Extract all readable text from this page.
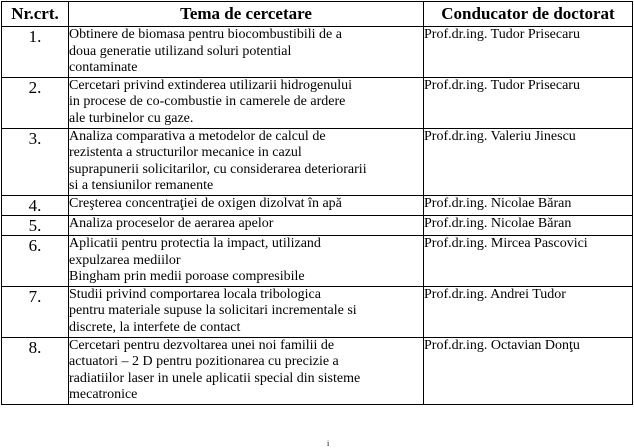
Nr.crt.	Tema de cercetare	Conducator de doctorat
1.	Obtinere de biomasa pentru biocombustibili de a
doua generatie utilizand soluri potential
contaminate	Prof.dr.ing. Tudor Prisecaru
2.	Cercetari privind extinderea utilizarii hidrogenului
in procese de co-combustie in camerele de ardere
ale turbinelor cu gaze.	Prof.dr.ing. Tudor Prisecaru
3.	Analiza comparativa a metodelor de calcul de
rezistenta a structurilor mecanice in cazul
suprapunerii solicitarilor, cu considerarea deteriorarii
si a tensiunilor remanente	Prof.dr.ing. Valeriu Jinescu
4.	Creşterea concentraţiei de oxigen dizolvat în apă	Prof.dr.ing. Nicolae Băran
5.	Analiza proceselor de aerarea apelor	Prof.dr.ing. Nicolae Băran
6.	Aplicatii pentru protectia la impact, utilizand
expulzarea mediilor
Bingham prin medii poroase compresibile	Prof.dr.ing. Mircea Pascovici
7.	Studii privind comportarea locala tribologica
pentru materiale supuse la solicitari incrementale si
discrete, la interfete de contact	Prof.dr.ing. Andrei Tudor
8.	Cercetari pentru dezvoltarea unei noi familii de
actuatori – 2 D pentru pozitionarea cu precizie a
radiatiilor laser in unele aplicatii special din sisteme
mecatronice	Prof.dr.ing. Octavian Donţu
i
